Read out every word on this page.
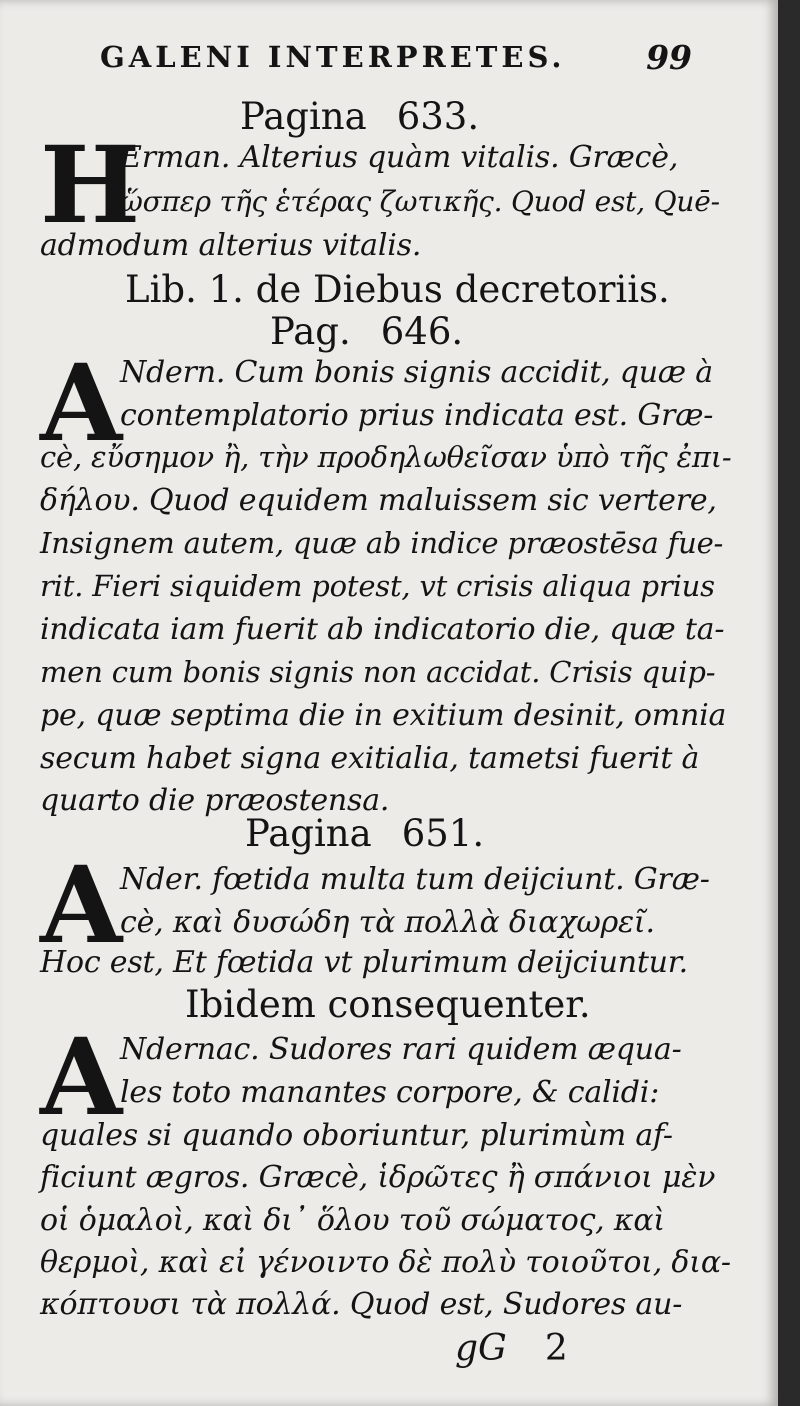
GALENI INTERPRETES. 99
Pagina 633.
H
Erman. Alterius quàm vitalis. Græcè,
ὥσπερ τῆς ἑτέρας ζωτικῆς. Quod est, Quē-
admodum alterius vitalis.
Lib. 1. de Diebus decretoriis.
Pag. 646.
A
Ndern. Cum bonis signis accidit, quæ à
contemplatorio prius indicata est. Græ-
cè, εὔσημον ἢ, τὴν προδηλωθεῖσαν ὑπὸ τῆς ἐπι-
δήλου. Quod equidem maluissem sic vertere,
Insignem autem, quæ ab indice præostēsa fue-
rit. Fieri siquidem potest, vt crisis aliqua prius
indicata iam fuerit ab indicatorio die, quæ ta-
men cum bonis signis non accidat. Crisis quip-
pe, quæ septima die in exitium desinit, omnia
secum habet signa exitialia, tametsi fuerit à
quarto die præostensa.
Pagina 651.
A
Nder. fœtida multa tum deijciunt. Græ-
cè, καὶ δυσώδη τὰ πολλὰ διαχωρεῖ.
Hoc est, Et fœtida vt plurimum deijciuntur.
Ibidem consequenter.
A
Ndernac. Sudores rari quidem æqua-
les toto manantes corpore, & calidi:
quales si quando oboriuntur, plurimùm af-
ficiunt ægros. Græcè, ἱδρῶτες ἢ σπάνιοι μὲν
οἱ ὁμαλοὶ, καὶ δι᾽ ὅλου τοῦ σώματος, καὶ
θερμοὶ, καὶ εἰ γένοιντο δὲ πολὺ τοιοῦτοι, δια-
κόπτουσι τὰ πολλά. Quod est, Sudores au-
gG 2
